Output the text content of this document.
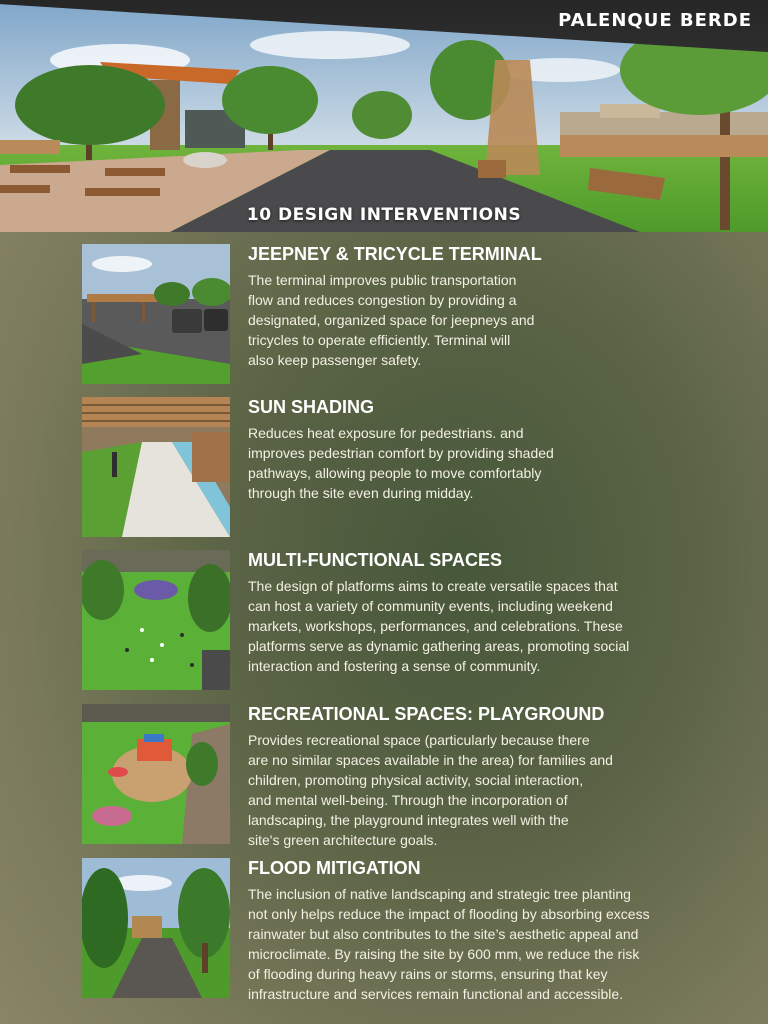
PALENQUE BERDE
10 DESIGN INTERVENTIONS
JEEPNEY & TRICYCLE TERMINAL

The terminal improves public transportation
flow and reduces congestion by providing a
designated, organized space for jeepneys and
tricycles to operate efficiently. Terminal will
also keep passenger safety.

SUN SHADING

Reduces heat exposure for pedestrians. and
improves pedestrian comfort by providing shaded
pathways, allowing people to move comfortably
through the site even during midday.

MULTI-FUNCTIONAL SPACES

The design of platforms aims to create versatile spaces that
can host a variety of community events, including weekend
markets, workshops, performances, and celebrations. These
platforms serve as dynamic gathering areas, promoting social
interaction and fostering a sense of community.

RECREATIONAL SPACES: PLAYGROUND

Provides recreational space (particularly because there
are no similar spaces available in the area) for families and
children, promoting physical activity, social interaction,
and mental well-being. Through the incorporation of
landscaping, the playground integrates well with the
site's green architecture goals.

FLOOD MITIGATION

The inclusion of native landscaping and strategic tree planting
not only helps reduce the impact of flooding by absorbing excess
rainwater but also contributes to the site’s aesthetic appeal and
microclimate. By raising the site by 600 mm, we reduce the risk
of flooding during heavy rains or storms, ensuring that key
infrastructure and services remain functional and accessible.
